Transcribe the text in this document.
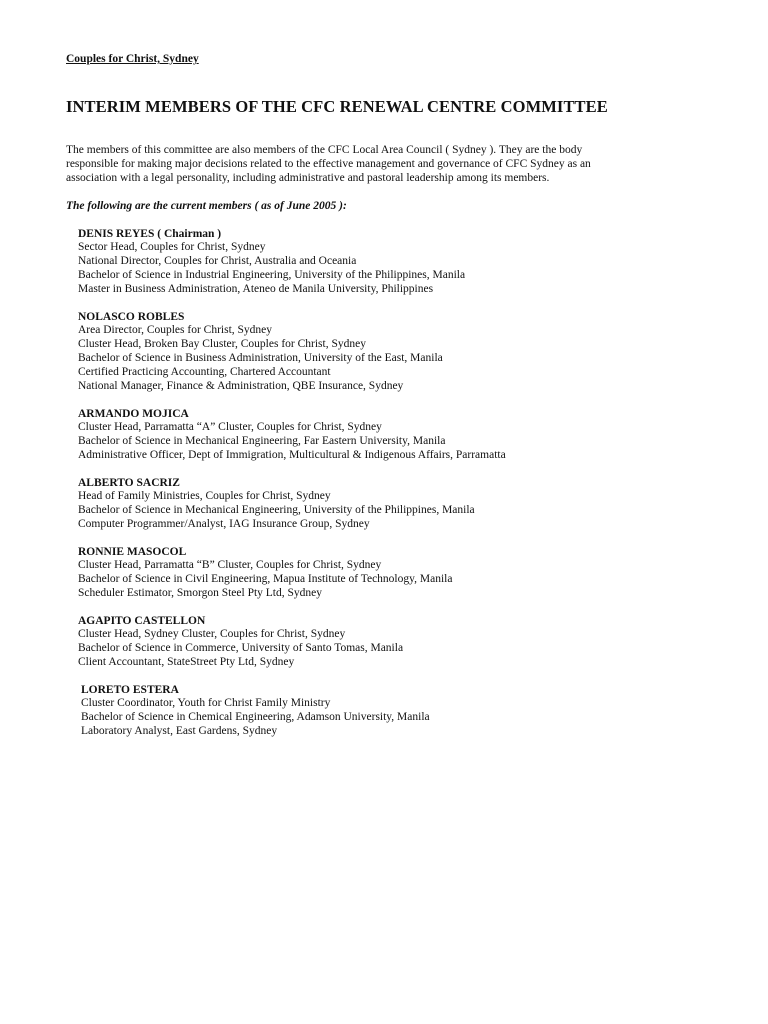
Couples for Christ, Sydney
INTERIM MEMBERS OF THE CFC RENEWAL CENTRE COMMITTEE

The members of this committee are also members of the CFC Local Area Council ( Sydney ). They are the body
responsible for making major decisions related to the effective management and governance of CFC Sydney as an
association with a legal personality, including administrative and pastoral leadership among its members.

The following are the current members ( as of June 2005 ):
DENIS REYES ( Chairman )
Sector Head, Couples for Christ, Sydney
National Director, Couples for Christ, Australia and Oceania
Bachelor of Science in Industrial Engineering, University of the Philippines, Manila
Master in Business Administration, Ateneo de Manila University, Philippines
NOLASCO ROBLES
Area Director, Couples for Christ, Sydney
Cluster Head, Broken Bay Cluster, Couples for Christ, Sydney
Bachelor of Science in Business Administration, University of the East, Manila
Certified Practicing Accounting, Chartered Accountant
National Manager, Finance & Administration, QBE Insurance, Sydney
ARMANDO MOJICA
Cluster Head, Parramatta “A” Cluster, Couples for Christ, Sydney
Bachelor of Science in Mechanical Engineering, Far Eastern University, Manila
Administrative Officer, Dept of Immigration, Multicultural & Indigenous Affairs, Parramatta
ALBERTO SACRIZ
Head of Family Ministries, Couples for Christ, Sydney
Bachelor of Science in Mechanical Engineering, University of the Philippines, Manila
Computer Programmer/Analyst, IAG Insurance Group, Sydney
RONNIE MASOCOL
Cluster Head, Parramatta “B” Cluster, Couples for Christ, Sydney
Bachelor of Science in Civil Engineering, Mapua Institute of Technology, Manila
Scheduler Estimator, Smorgon Steel Pty Ltd, Sydney
AGAPITO CASTELLON
Cluster Head, Sydney Cluster, Couples for Christ, Sydney
Bachelor of Science in Commerce, University of Santo Tomas, Manila
Client Accountant, StateStreet Pty Ltd, Sydney
LORETO ESTERA
Cluster Coordinator, Youth for Christ Family Ministry
Bachelor of Science in Chemical Engineering, Adamson University, Manila
Laboratory Analyst, East Gardens, Sydney
